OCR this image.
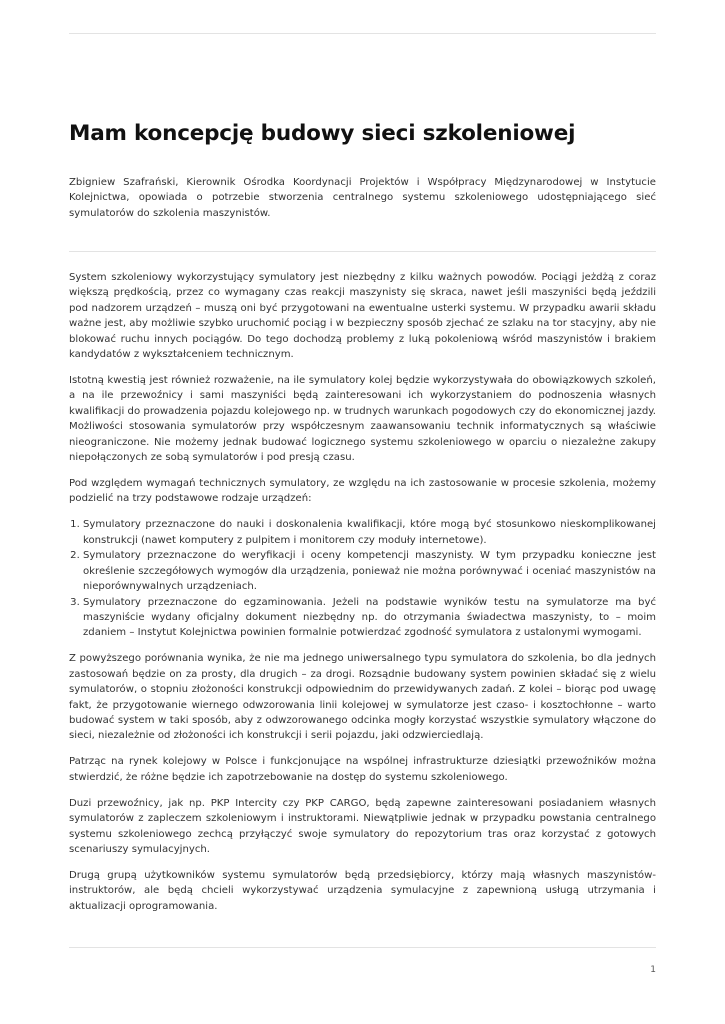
Mam koncepcję budowy sieci szkoleniowej

Zbigniew Szafrański, Kierownik Ośrodka Koordynacji Projektów i Współpracy Międzynarodowej w Instytucie Kolejnictwa, opowiada o potrzebie stworzenia centralnego systemu szkoleniowego udostępniającego sieć symulatorów do szkolenia maszynistów.

System szkoleniowy wykorzystujący symulatory jest niezbędny z kilku ważnych powodów. Pociągi jeżdżą z coraz większą prędkością, przez co wymagany czas reakcji maszynisty się skraca, nawet jeśli maszyniści będą jeździli pod nadzorem urządzeń – muszą oni być przygotowani na ewentualne usterki systemu. W przypadku awarii składu ważne jest, aby możliwie szybko uruchomić pociąg i w bezpieczny sposób zjechać ze szlaku na tor stacyjny, aby nie blokować ruchu innych pociągów. Do tego dochodzą problemy z luką pokoleniową wśród maszynistów i brakiem kandydatów z wykształceniem technicznym.

Istotną kwestią jest również rozważenie, na ile symulatory kolej będzie wykorzystywała do obowiązkowych szkoleń, a na ile przewoźnicy i sami maszyniści będą zainteresowani ich wykorzystaniem do podnoszenia własnych kwalifikacji do prowadzenia pojazdu kolejowego np. w trudnych warunkach pogodowych czy do ekonomicznej jazdy. Możliwości stosowania symulatorów przy współczesnym zaawansowaniu technik informatycznych są właściwie nieograniczone. Nie możemy jednak budować logicznego systemu szkoleniowego w oparciu o niezależne zakupy niepołączonych ze sobą symulatorów i pod presją czasu.

Pod względem wymagań technicznych symulatory, ze względu na ich zastosowanie w procesie szkolenia, możemy podzielić na trzy podstawowe rodzaje urządzeń:

1. Symulatory przeznaczone do nauki i doskonalenia kwalifikacji, które mogą być stosunkowo nieskomplikowanej konstrukcji (nawet komputery z pulpitem i monitorem czy moduły internetowe).
2. Symulatory przeznaczone do weryfikacji i oceny kompetencji maszynisty. W tym przypadku konieczne jest określenie szczegółowych wymogów dla urządzenia, ponieważ nie można porównywać i oceniać maszynistów na nieporównywalnych urządzeniach.
3. Symulatory przeznaczone do egzaminowania. Jeżeli na podstawie wyników testu na symulatorze ma być maszyniście wydany oficjalny dokument niezbędny np. do otrzymania świadectwa maszynisty, to – moim zdaniem – Instytut Kolejnictwa powinien formalnie potwierdzać zgodność symulatora z ustalonymi wymogami.

Z powyższego porównania wynika, że nie ma jednego uniwersalnego typu symulatora do szkolenia, bo dla jednych zastosowań będzie on za prosty, dla drugich – za drogi. Rozsądnie budowany system powinien składać się z wielu symulatorów, o stopniu złożoności konstrukcji odpowiednim do przewidywanych zadań. Z kolei – biorąc pod uwagę fakt, że przygotowanie wiernego odwzorowania linii kolejowej w symulatorze jest czaso- i kosztochłonne – warto budować system w taki sposób, aby z odwzorowanego odcinka mogły korzystać wszystkie symulatory włączone do sieci, niezależnie od złożoności ich konstrukcji i serii pojazdu, jaki odzwierciedlają.

Patrząc na rynek kolejowy w Polsce i funkcjonujące na wspólnej infrastrukturze dziesiątki przewoźników można stwierdzić, że różne będzie ich zapotrzebowanie na dostęp do systemu szkoleniowego.

Duzi przewoźnicy, jak np. PKP Intercity czy PKP CARGO, będą zapewne zainteresowani posiadaniem własnych symulatorów z zapleczem szkoleniowym i instruktorami. Niewątpliwie jednak w przypadku powstania centralnego systemu szkoleniowego zechcą przyłączyć swoje symulatory do repozytorium tras oraz korzystać z gotowych scenariuszy symulacyjnych.

Drugą grupą użytkowników systemu symulatorów będą przedsiębiorcy, którzy mają własnych maszynistów-instruktorów, ale będą chcieli wykorzystywać urządzenia symulacyjne z zapewnioną usługą utrzymania i aktualizacji oprogramowania.

1
